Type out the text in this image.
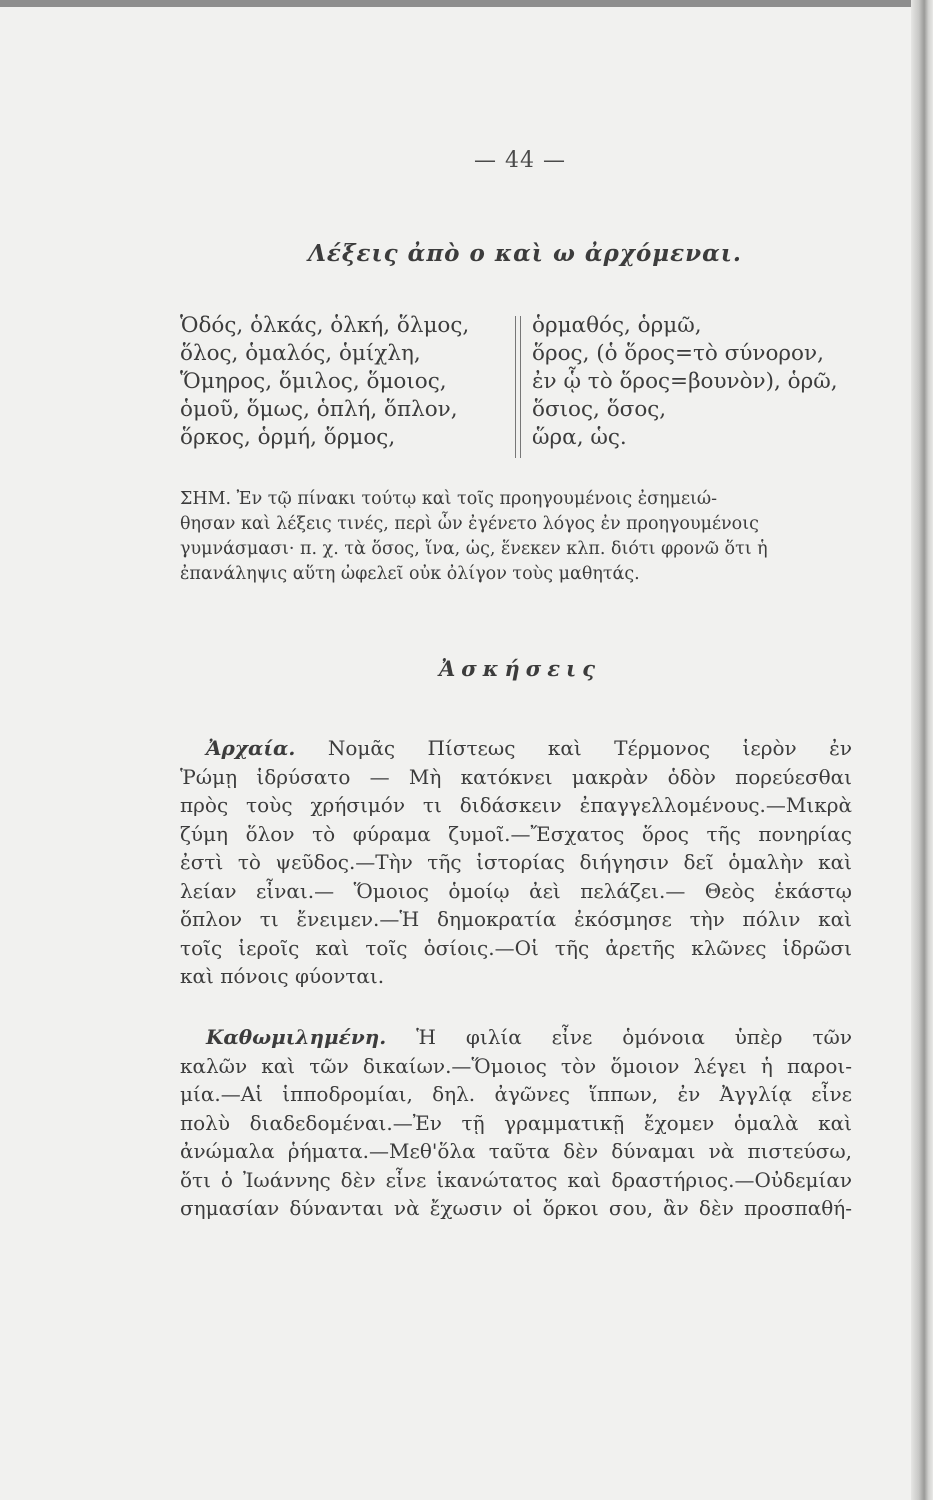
— 44 —
Λέξεις ἀπὸ ο καὶ ω ἀρχόμεναι.
Ὁδός, ὁλκάς, ὁλκή, ὅλμος,
ὅλος, ὁμαλός, ὁμίχλη,
Ὅμηρος, ὅμιλος, ὅμοιος,
ὁμοῦ, ὅμως, ὁπλή, ὅπλον,
ὅρκος, ὁρμή, ὅρμος,
ὁρμαθός, ὁρμῶ,
ὅρος, (ὁ ὅρος=τὸ σύνορον,
ἐν ᾧ τὸ ὅρος=βουνὸν), ὁρῶ,
ὅσιος, ὅσος,
ὥρα, ὡς.
ΣΗΜ. Ἐν τῷ πίνακι τούτῳ καὶ τοῖς προηγουμένοις ἐσημειώ-
θησαν καὶ λέξεις τινές, περὶ ὧν ἐγένετο λόγος ἐν προηγουμένοις
γυμνάσμασι· π. χ. τὰ ὅσος, ἵνα, ὡς, ἕνεκεν κλπ. διότι φρονῶ ὅτι ἡ
ἐπανάληψις αὕτη ὠφελεῖ οὐκ ὀλίγον τοὺς μαθητάς.
Ἀσκήσεις
Ἀρχαία. Νομᾶς Πίστεως καὶ Τέρμονος ἱερὸν ἐν
Ῥώμῃ ἱδρύσατο — Μὴ κατόκνει μακρὰν ὁδὸν πορεύεσθαι
πρὸς τοὺς χρήσιμόν τι διδάσκειν ἐπαγγελλομένους.—Μικρὰ
ζύμη ὅλον τὸ φύραμα ζυμοῖ.—Ἔσχατος ὅρος τῆς πονηρίας
ἐστὶ τὸ ψεῦδος.—Τὴν τῆς ἱστορίας διήγησιν δεῖ ὁμαλὴν καὶ
λείαν εἶναι.— Ὅμοιος ὁμοίῳ ἀεὶ πελάζει.— Θεὸς ἑκάστῳ
ὅπλον τι ἔνειμεν.—Ἡ δημοκρατία ἐκόσμησε τὴν πόλιν καὶ
τοῖς ἱεροῖς καὶ τοῖς ὁσίοις.—Οἱ τῆς ἀρετῆς κλῶνες ἱδρῶσι
καὶ πόνοις φύονται.
Καθωμιλημένη. Ἡ φιλία εἶνε ὁμόνοια ὑπὲρ τῶν
καλῶν καὶ τῶν δικαίων.—Ὅμοιος τὸν ὅμοιον λέγει ἡ παροι-
μία.—Αἱ ἱπποδρομίαι, δηλ. ἀγῶνες ἵππων, ἐν Ἀγγλίᾳ εἶνε
πολὺ διαδεδομέναι.—Ἐν τῇ γραμματικῇ ἔχομεν ὁμαλὰ καὶ
ἀνώμαλα ῥήματα.—Μεθ'ὅλα ταῦτα δὲν δύναμαι νὰ πιστεύσω,
ὅτι ὁ Ἰωάννης δὲν εἶνε ἱκανώτατος καὶ δραστήριος.—Οὐδεμίαν
σημασίαν δύνανται νὰ ἔχωσιν οἱ ὅρκοι σου, ἂν δὲν προσπαθή-
